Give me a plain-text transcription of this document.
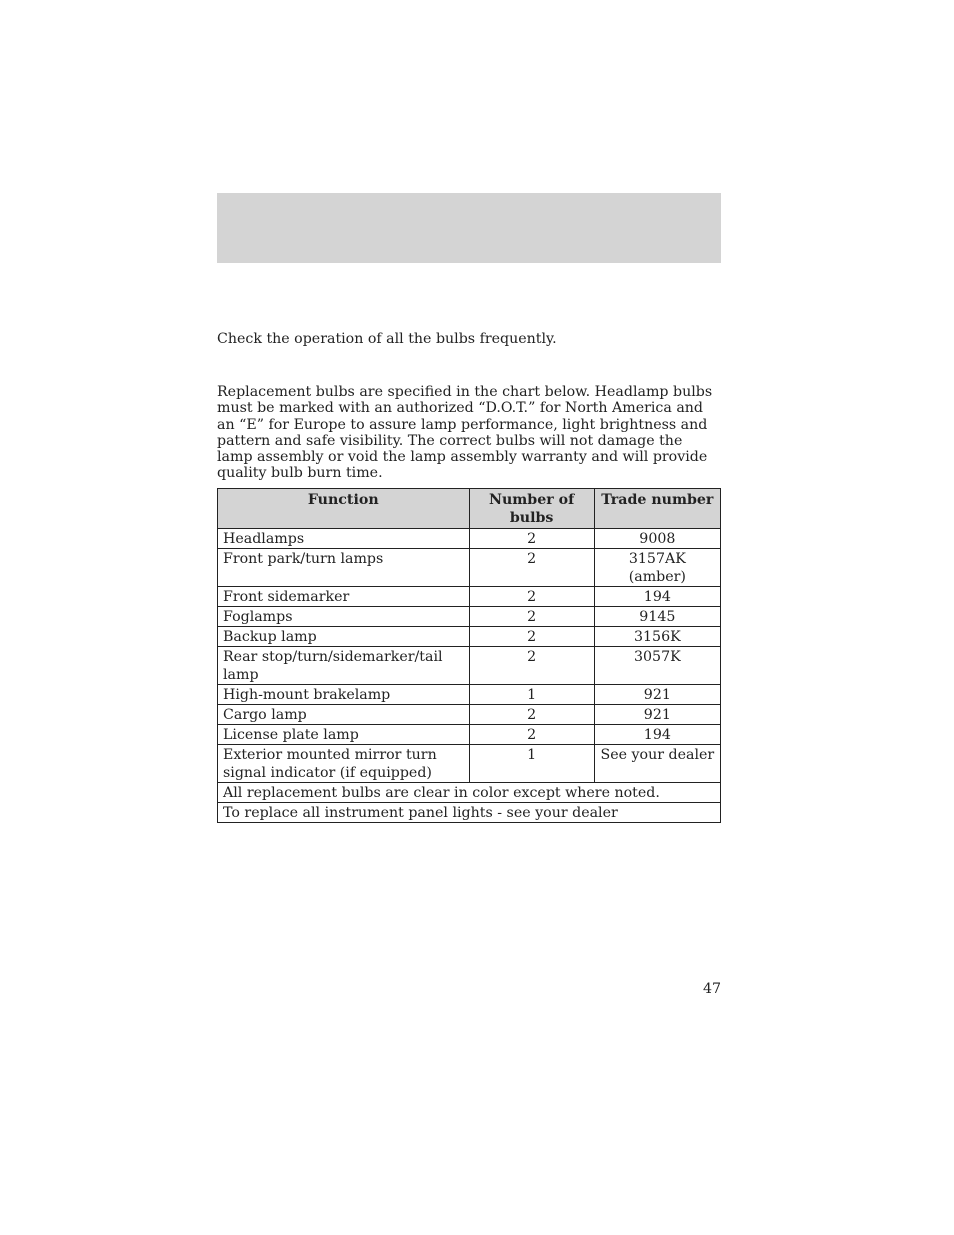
Check the operation of all the bulbs frequently.

Replacement bulbs are specified in the chart below. Headlamp bulbs must be marked with an authorized “D.O.T.” for North America and an “E” for Europe to assure lamp performance, light brightness and pattern and safe visibility. The correct bulbs will not damage the lamp assembly or void the lamp assembly warranty and will provide quality bulb burn time.

Function	Number of bulbs	Trade number
Headlamps	2	9008
Front park/turn lamps	2	3157AK (amber)
Front sidemarker	2	194
Foglamps	2	9145
Backup lamp	2	3156K
Rear stop/turn/sidemarker/tail lamp	2	3057K
High-mount brakelamp	1	921
Cargo lamp	2	921
License plate lamp	2	194
Exterior mounted mirror turn signal indicator (if equipped)	1	See your dealer
All replacement bulbs are clear in color except where noted.		
To replace all instrument panel lights - see your dealer		
47
